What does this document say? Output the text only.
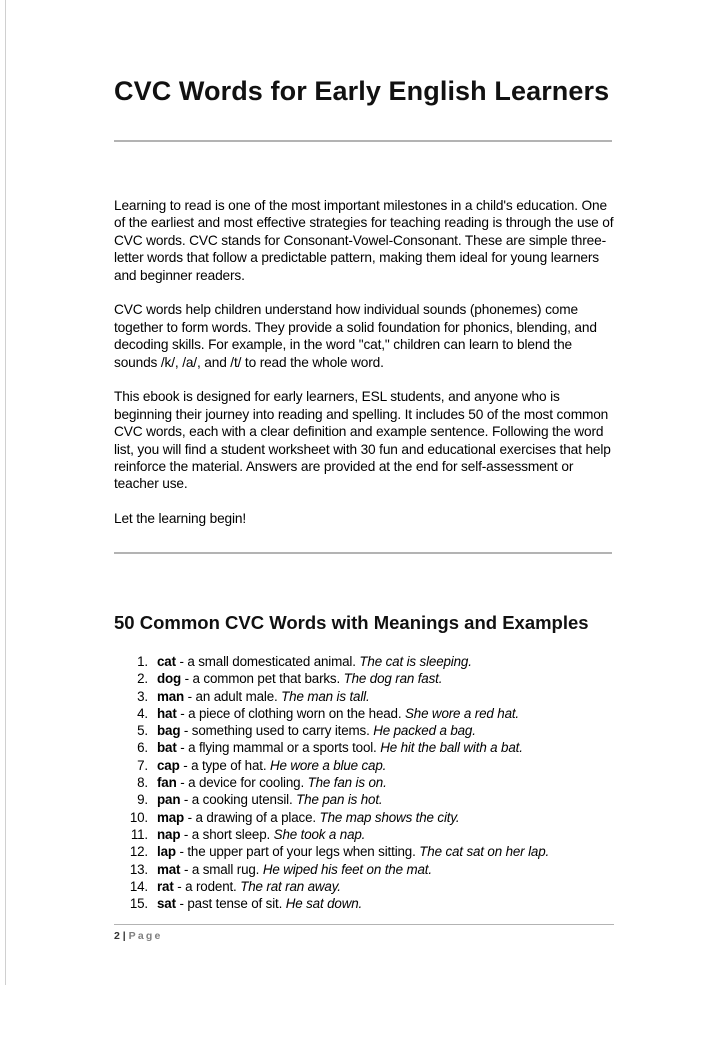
CVC Words for Early English Learners

Learning to read is one of the most important milestones in a child's education. One of the earliest and most effective strategies for teaching reading is through the use of CVC words. CVC stands for Consonant-Vowel-Consonant. These are simple three-letter words that follow a predictable pattern, making them ideal for young learners and beginner readers.

CVC words help children understand how individual sounds (phonemes) come together to form words. They provide a solid foundation for phonics, blending, and decoding skills. For example, in the word "cat," children can learn to blend the sounds /k/, /a/, and /t/ to read the whole word.

This ebook is designed for early learners, ESL students, and anyone who is beginning their journey into reading and spelling. It includes 50 of the most common CVC words, each with a clear definition and example sentence. Following the word list, you will find a student worksheet with 30 fun and educational exercises that help reinforce the material. Answers are provided at the end for self-assessment or teacher use.

Let the learning begin!

50 Common CVC Words with Meanings and Examples
1. cat - a small domesticated animal. The cat is sleeping.
2. dog - a common pet that barks. The dog ran fast.
3. man - an adult male. The man is tall.
4. hat - a piece of clothing worn on the head. She wore a red hat.
5. bag - something used to carry items. He packed a bag.
6. bat - a flying mammal or a sports tool. He hit the ball with a bat.
7. cap - a type of hat. He wore a blue cap.
8. fan - a device for cooling. The fan is on.
9. pan - a cooking utensil. The pan is hot.
10. map - a drawing of a place. The map shows the city.
11. nap - a short sleep. She took a nap.
12. lap - the upper part of your legs when sitting. The cat sat on her lap.
13. mat - a small rug. He wiped his feet on the mat.
14. rat - a rodent. The rat ran away.
15. sat - past tense of sit. He sat down.
2 | Page
